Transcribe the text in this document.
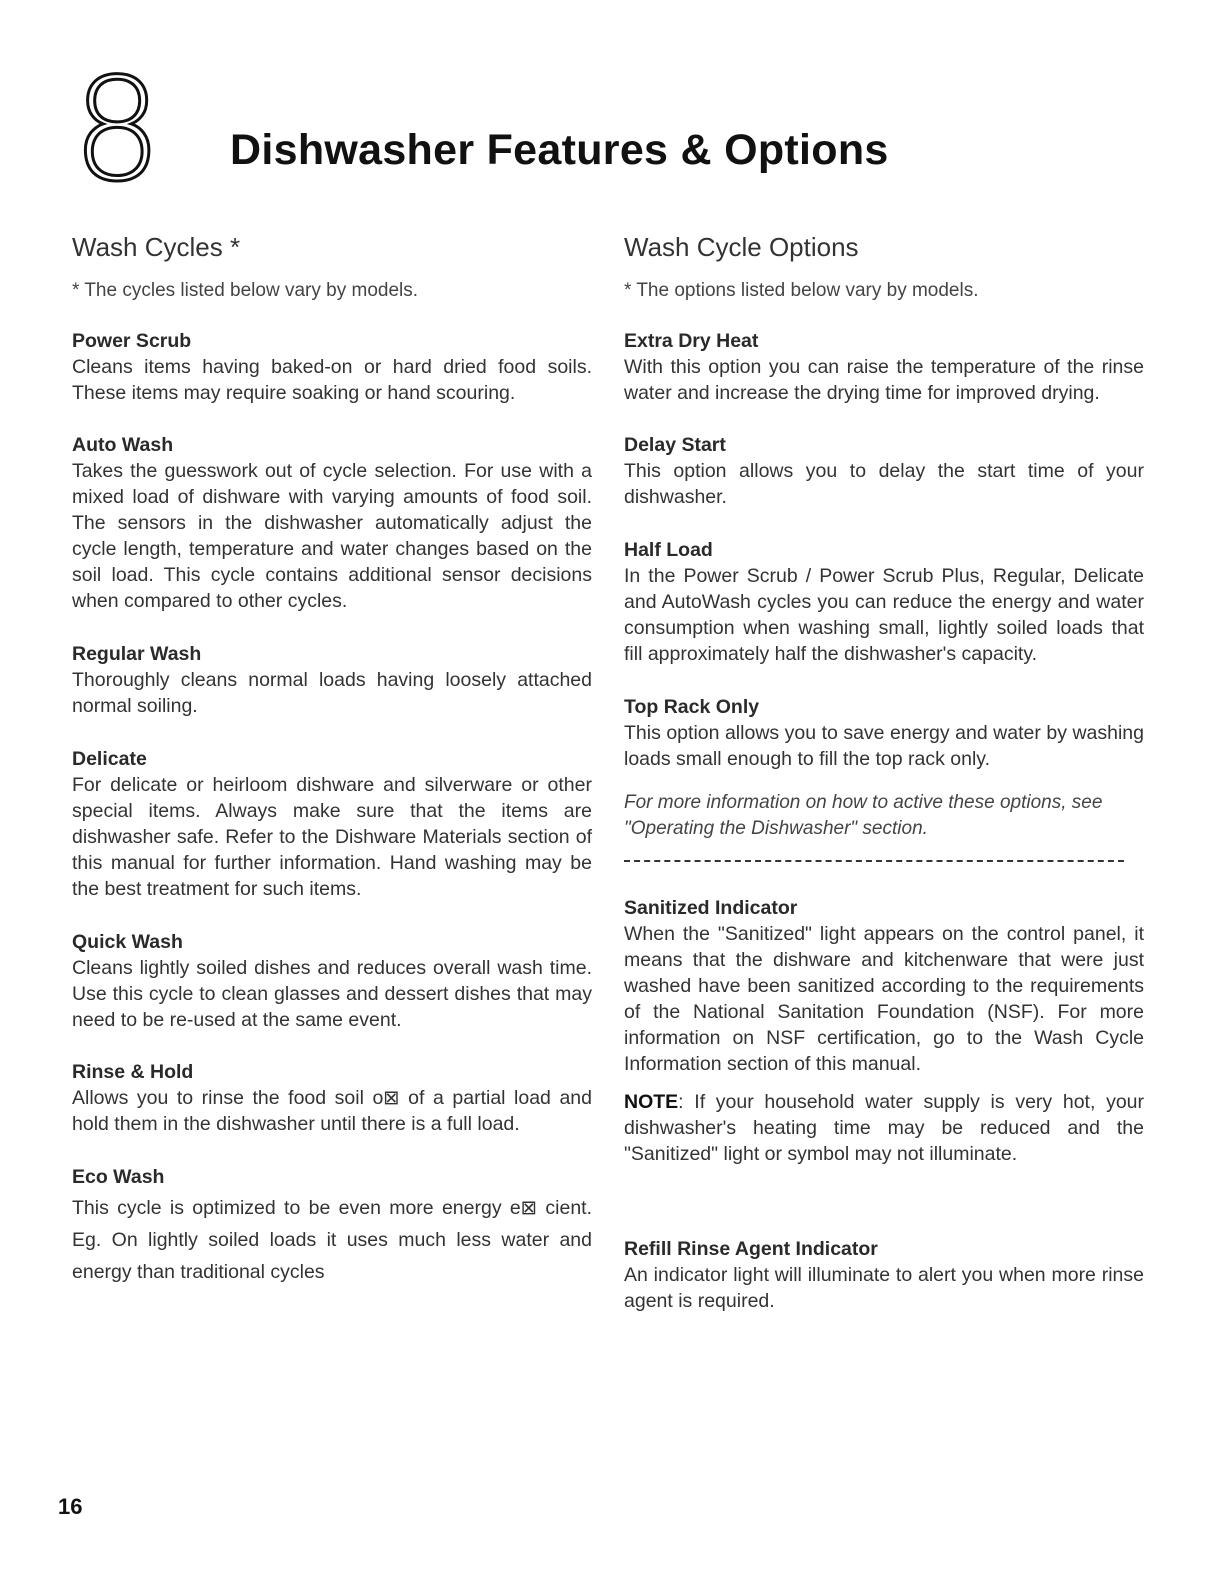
8 Dishwasher Features & Options
Wash Cycles *

* The cycles listed below vary by models.

Power Scrub

Cleans items having baked-on or hard dried food soils. These items may require soaking or hand scouring.

Auto Wash

Takes the guesswork out of cycle selection. For use with a mixed load of dishware with varying amounts of food soil. The sensors in the dishwasher automatically adjust the cycle length, temperature and water changes based on the soil load. This cycle contains additional sensor decisions when compared to other cycles.

Regular Wash

Thoroughly cleans normal loads having loosely attached normal soiling.

Delicate

For delicate or heirloom dishware and silverware or other special items. Always make sure that the items are dishwasher safe. Refer to the Dishware Materials section of this manual for further information. Hand washing may be the best treatment for such items.

Quick Wash

Cleans lightly soiled dishes and reduces overall wash time. Use this cycle to clean glasses and dessert dishes that may need to be re-used at the same event.

Rinse & Hold

Allows you to rinse the food soil o⊠ of a partial load and hold them in the dishwasher until there is a full load.

Eco Wash

This cycle is optimized to be even more energy e⊠ cient. Eg. On lightly soiled loads it uses much less water and energy than traditional cycles

Wash Cycle Options

* The options listed below vary by models.

Extra Dry Heat

With this option you can raise the temperature of the rinse water and increase the drying time for improved drying.

Delay Start

This option allows you to delay the start time of your dishwasher.

Half Load

In the Power Scrub / Power Scrub Plus, Regular, Delicate and AutoWash cycles you can reduce the energy and water consumption when washing small, lightly soiled loads that fill approximately half the dishwasher's capacity.

Top Rack Only

This option allows you to save energy and water by washing loads small enough to fill the top rack only.

For more information on how to active these options, see "Operating the Dishwasher" section.

Sanitized Indicator

When the "Sanitized" light appears on the control panel, it means that the dishware and kitchenware that were just washed have been sanitized according to the requirements of the National Sanitation Foundation (NSF). For more information on NSF certification, go to the Wash Cycle Information section of this manual.

NOTE: If your household water supply is very hot, your dishwasher's heating time may be reduced and the "Sanitized" light or symbol may not illuminate.

Refill Rinse Agent Indicator

An indicator light will illuminate to alert you when more rinse agent is required.

16
